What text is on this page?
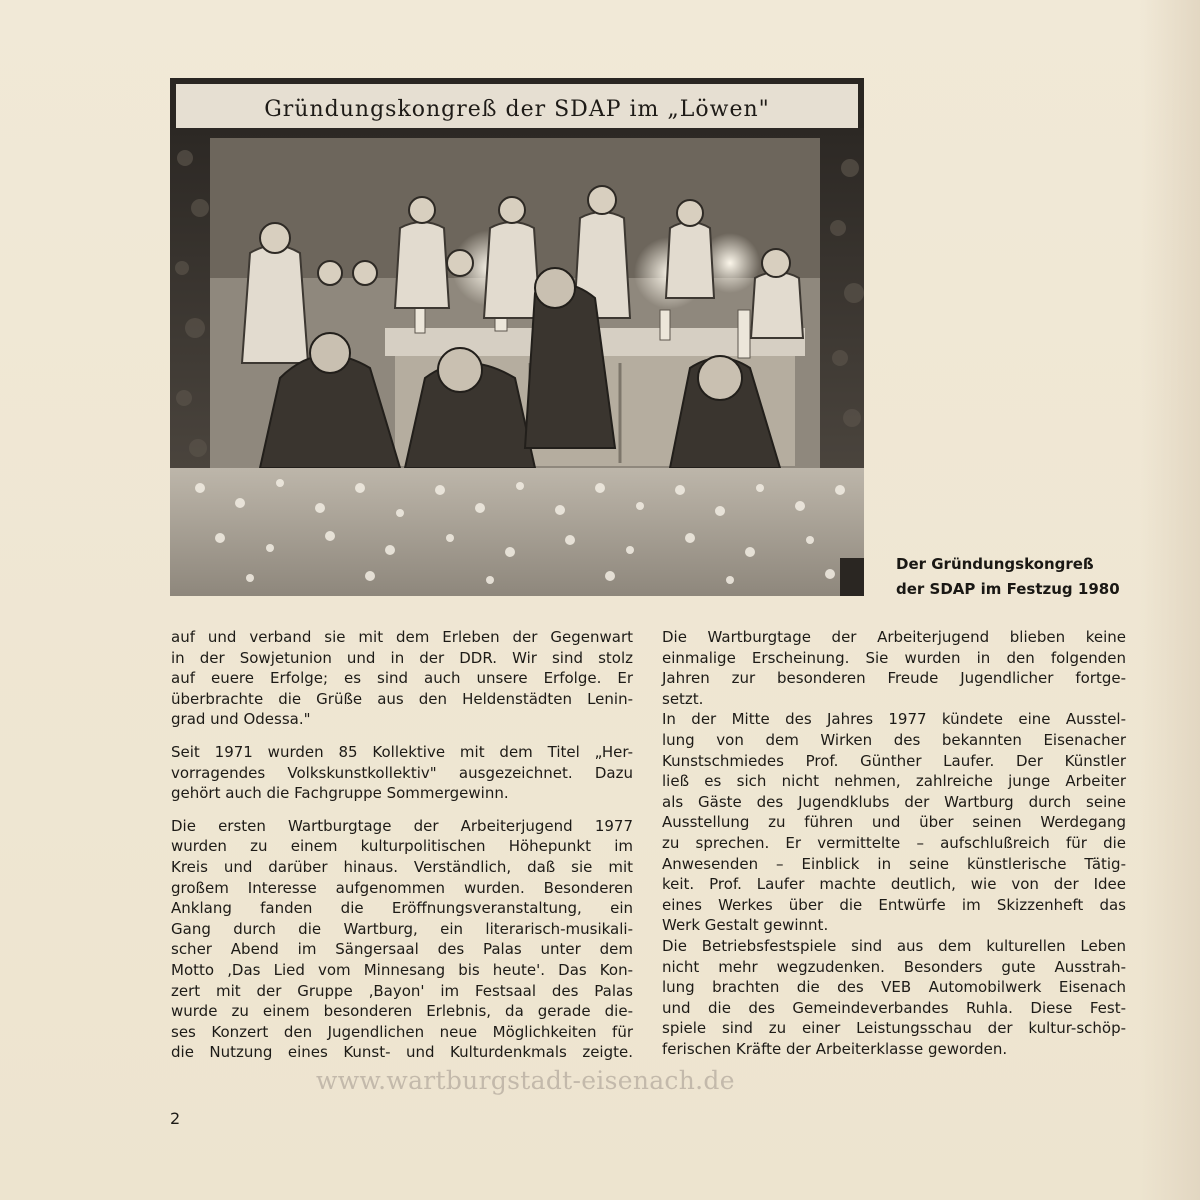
Gründungskongreß der SDAP im „Löwen"
Der Gründungskongreß
der SDAP im Festzug 1980

auf und verband sie mit dem Erleben der Gegenwart
in der Sowjetunion und in der DDR. Wir sind stolz
auf euere Erfolge; es sind auch unsere Erfolge. Er
überbrachte die Grüße aus den Heldenstädten Lenin-
grad und Odessa."

Seit 1971 wurden 85 Kollektive mit dem Titel „Her-
vorragendes Volkskunstkollektiv" ausgezeichnet. Dazu
gehört auch die Fachgruppe Sommergewinn.

Die ersten Wartburgtage der Arbeiterjugend 1977
wurden zu einem kulturpolitischen Höhepunkt im
Kreis und darüber hinaus. Verständlich, daß sie mit
großem Interesse aufgenommen wurden. Besonderen
Anklang fanden die Eröffnungsveranstaltung, ein
Gang durch die Wartburg, ein literarisch-musikali-
scher Abend im Sängersaal des Palas unter dem
Motto ‚Das Lied vom Minnesang bis heute'. Das Kon-
zert mit der Gruppe ‚Bayon' im Festsaal des Palas
wurde zu einem besonderen Erlebnis, da gerade die-
ses Konzert den Jugendlichen neue Möglichkeiten für
die Nutzung eines Kunst- und Kulturdenkmals zeigte.

Die Wartburgtage der Arbeiterjugend blieben keine
einmalige Erscheinung. Sie wurden in den folgenden
Jahren zur besonderen Freude Jugendlicher fortge-
setzt.

In der Mitte des Jahres 1977 kündete eine Ausstel-
lung von dem Wirken des bekannten Eisenacher
Kunstschmiedes Prof. Günther Laufer. Der Künstler
ließ es sich nicht nehmen, zahlreiche junge Arbeiter
als Gäste des Jugendklubs der Wartburg durch seine
Ausstellung zu führen und über seinen Werdegang
zu sprechen. Er vermittelte – aufschlußreich für die
Anwesenden – Einblick in seine künstlerische Tätig-
keit. Prof. Laufer machte deutlich, wie von der Idee
eines Werkes über die Entwürfe im Skizzenheft das
Werk Gestalt gewinnt.

Die Betriebsfestspiele sind aus dem kulturellen Leben
nicht mehr wegzudenken. Besonders gute Ausstrah-
lung brachten die des VEB Automobilwerk Eisenach
und die des Gemeindeverbandes Ruhla. Diese Fest-
spiele sind zu einer Leistungsschau der kultur-schöp-
ferischen Kräfte der Arbeiterklasse geworden.

www.wartburgstadt-eisenach.de
2
